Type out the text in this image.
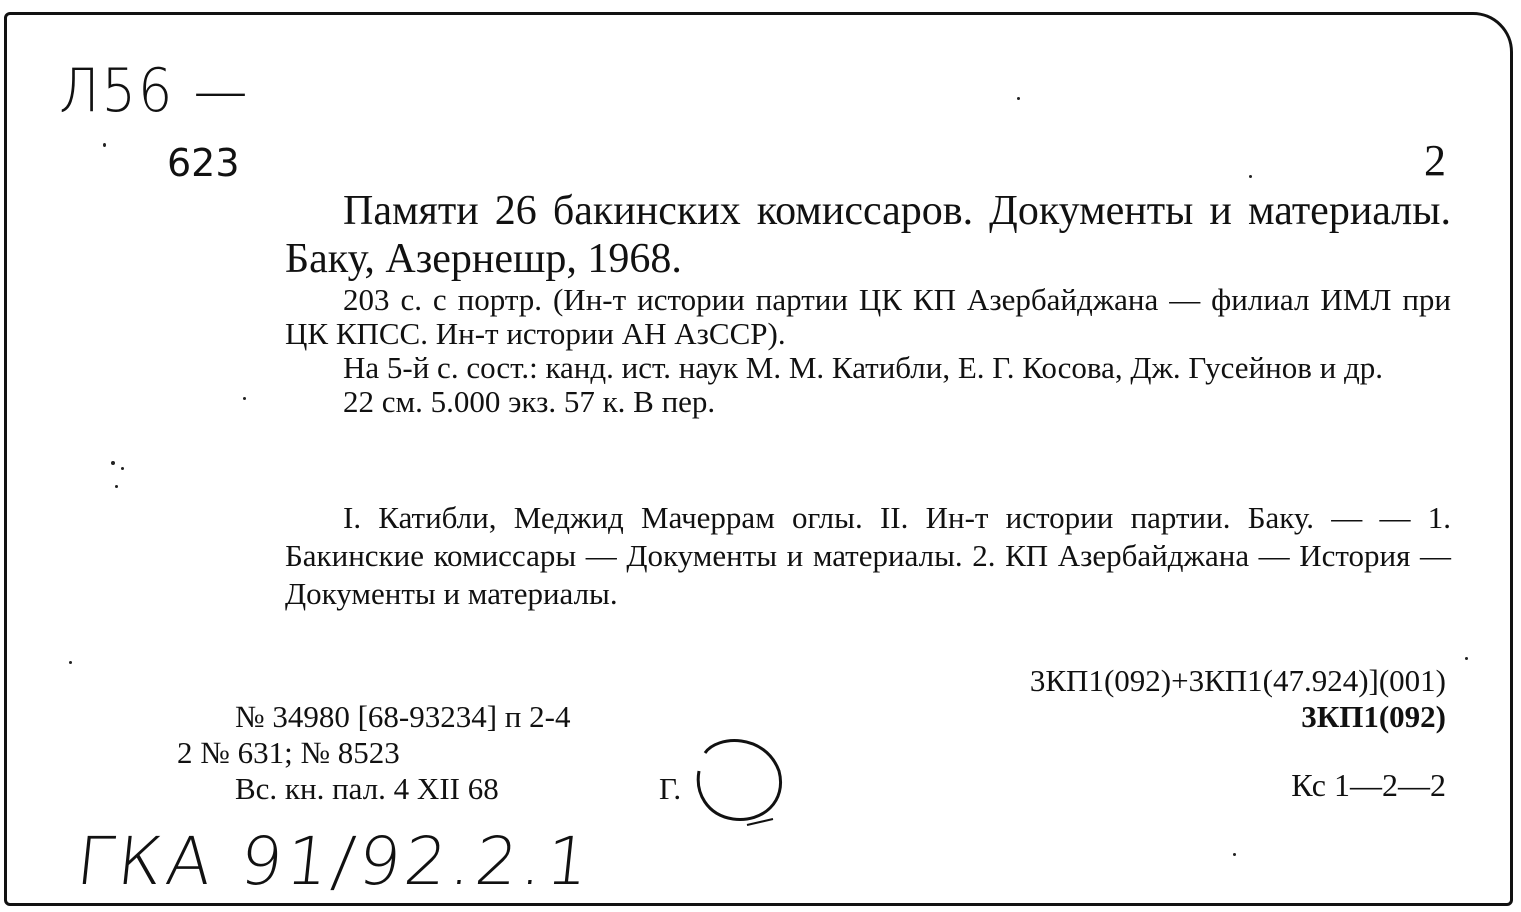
Л56 —
623	2
Памяти 26 бакинских комиссаров. Документы и материалы. Баку, Азернешр, 1968.

203 с. с портр. (Ин-т истории партии ЦК КП Азербайджана — филиал ИМЛ при ЦК КПСС. Ин-т истории АН АзССР).

На 5-й с. сост.: канд. ист. наук М. М. Катибли, Е. Г. Косова, Дж. Гусейнов и др.

22 см. 5.000 экз. 57 к. В пер.

I. Катибли, Меджид Мачеррам оглы. II. Ин-т истории партии. Баку. — — 1. Бакинские комиссары — Документы и материалы. 2. КП Азербайджана — История — Документы и материалы.

3КП1(092)+3КП1(47.924)](001)
3КП1(092)
№ 34980 [68-93234] п 2-4
2 № 631; № 8523
Вс. кн. пал. 4 XII 68	Г.	Кс 1—2—2
ГКА 91/92.2.1
